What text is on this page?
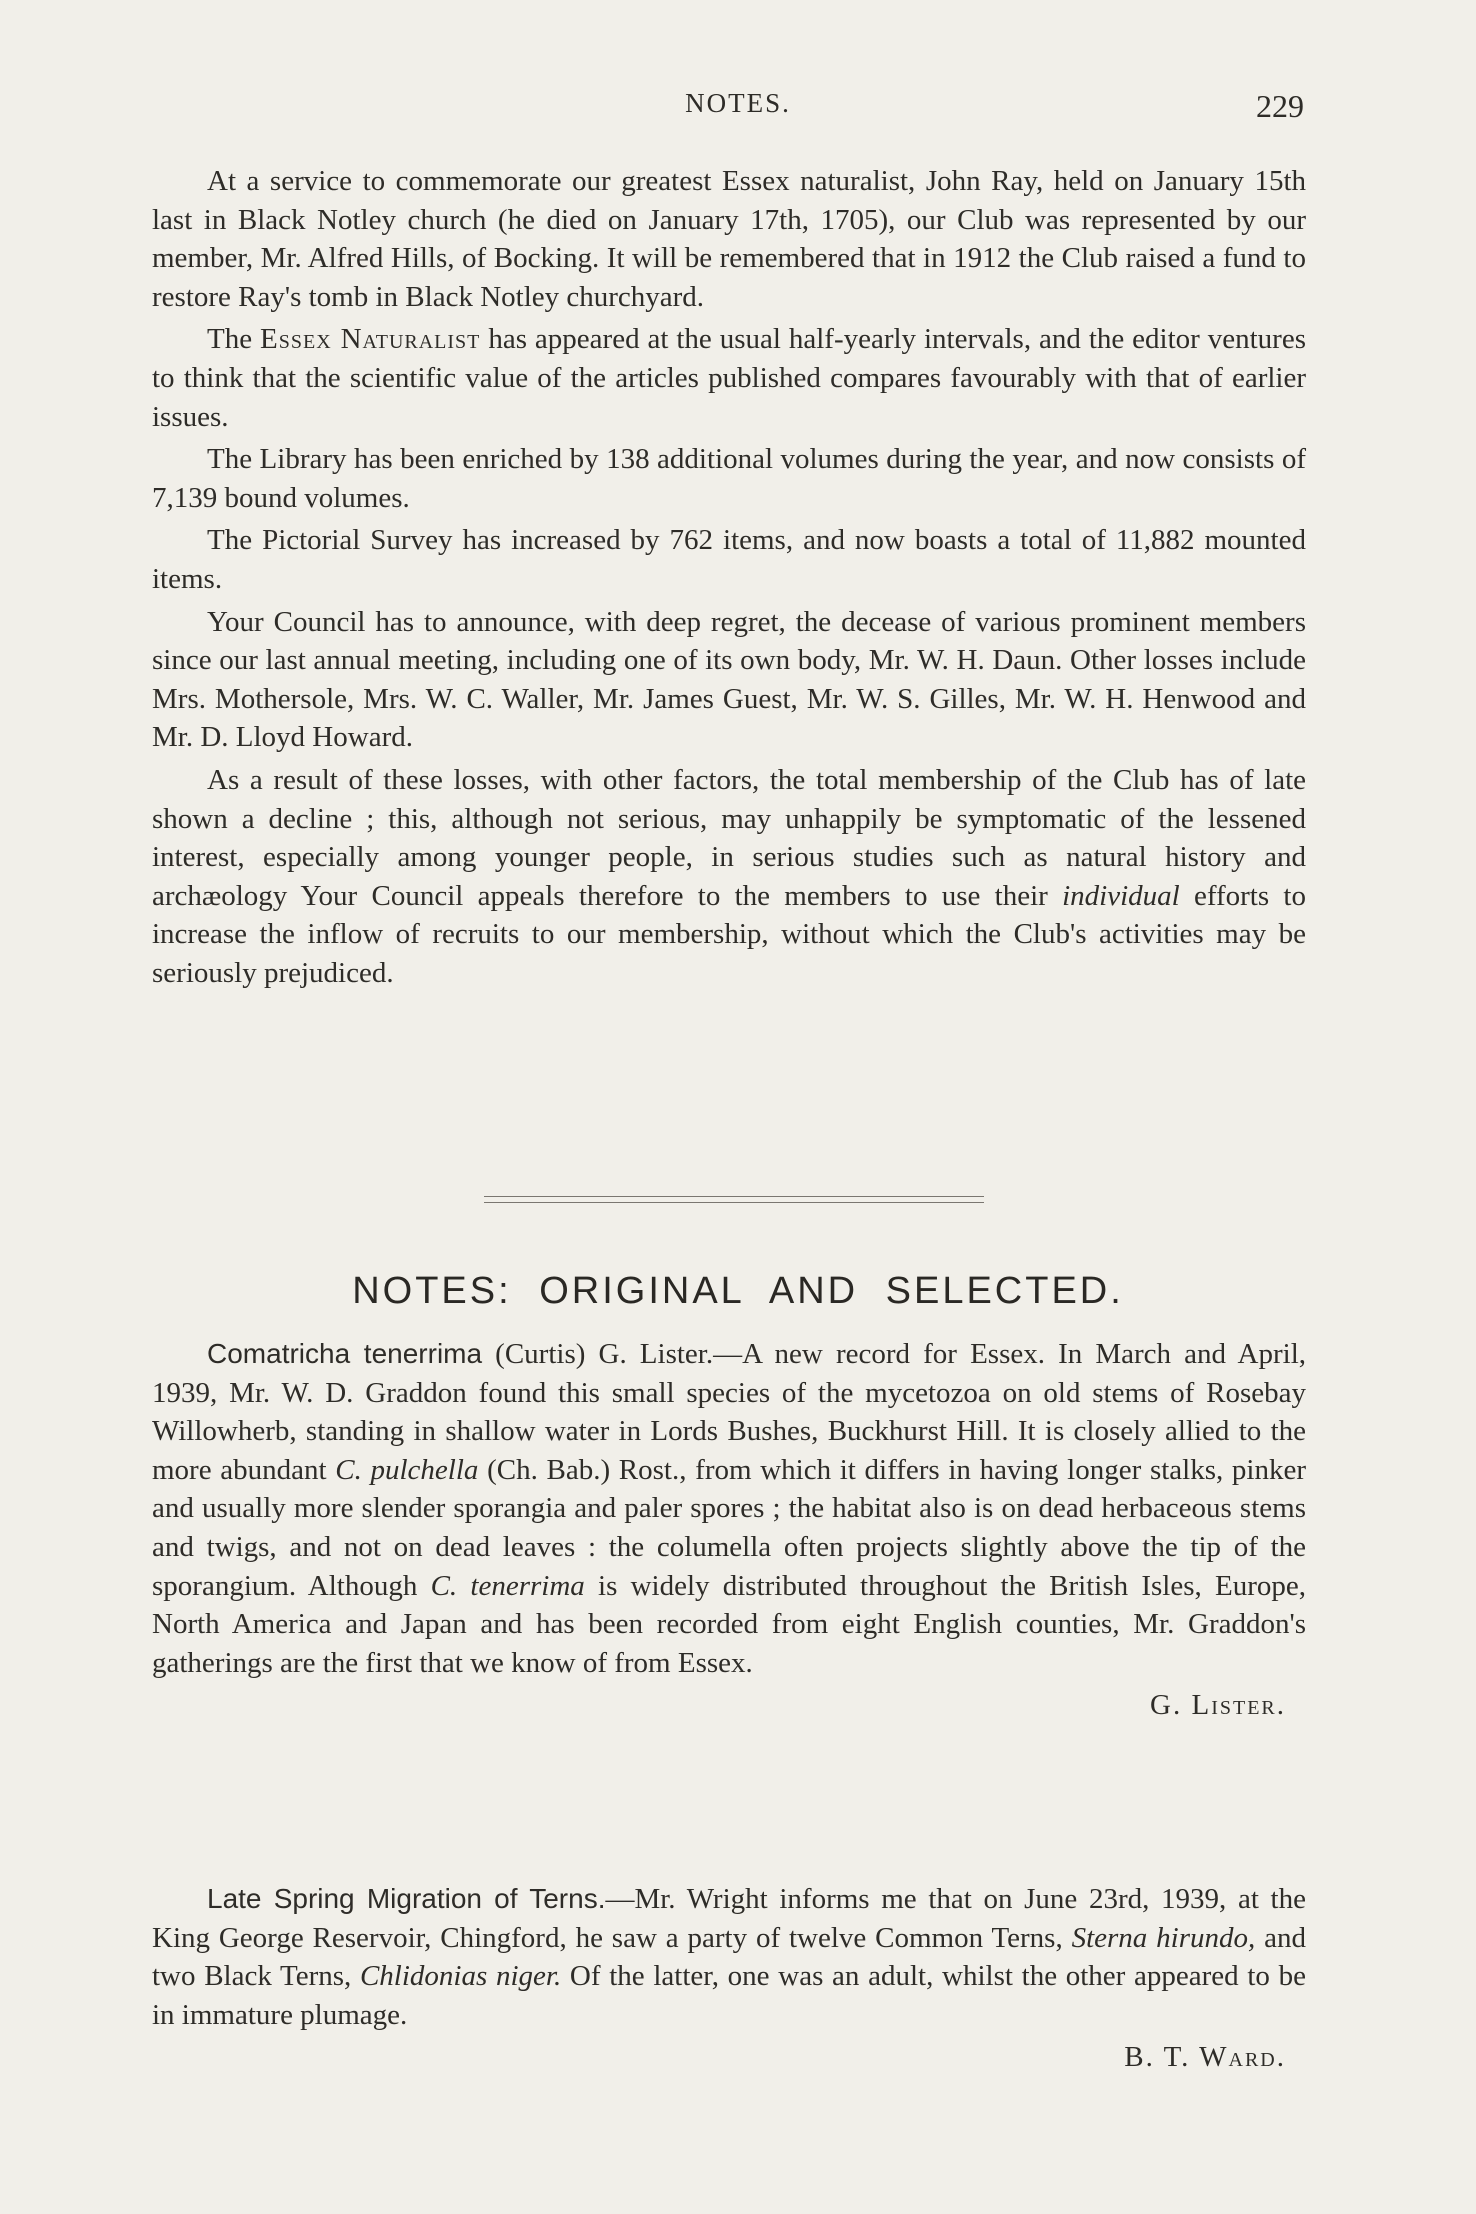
NOTES.	229

At a service to commemorate our greatest Essex naturalist, John Ray, held on January 15th last in Black Notley church (he died on January 17th, 1705), our Club was represented by our member, Mr. Alfred Hills, of Bocking. It will be remembered that in 1912 the Club raised a fund to restore Ray's tomb in Black Notley churchyard.

The Essex Naturalist has appeared at the usual half-yearly intervals, and the editor ventures to think that the scientific value of the articles published compares favourably with that of earlier issues.

The Library has been enriched by 138 additional volumes during the year, and now consists of 7,139 bound volumes.

The Pictorial Survey has increased by 762 items, and now boasts a total of 11,882 mounted items.

Your Council has to announce, with deep regret, the decease of various prominent members since our last annual meeting, including one of its own body, Mr. W. H. Daun. Other losses include Mrs. Mothersole, Mrs. W. C. Waller, Mr. James Guest, Mr. W. S. Gilles, Mr. W. H. Henwood and Mr. D. Lloyd Howard.

As a result of these losses, with other factors, the total membership of the Club has of late shown a decline ; this, although not serious, may unhappily be symptomatic of the lessened interest, especially among younger people, in serious studies such as natural history and archæology Your Council appeals therefore to the members to use their individual efforts to increase the inflow of recruits to our membership, without which the Club's activities may be seriously prejudiced.

NOTES: ORIGINAL AND SELECTED.

Comatricha tenerrima (Curtis) G. Lister.—A new record for Essex. In March and April, 1939, Mr. W. D. Graddon found this small species of the mycetozoa on old stems of Rosebay Willowherb, standing in shallow water in Lords Bushes, Buckhurst Hill. It is closely allied to the more abundant C. pulchella (Ch. Bab.) Rost., from which it differs in having longer stalks, pinker and usually more slender sporangia and paler spores ; the habitat also is on dead herbaceous stems and twigs, and not on dead leaves : the columella often projects slightly above the tip of the sporangium. Although C. tenerrima is widely distributed throughout the British Isles, Europe, North America and Japan and has been recorded from eight English counties, Mr. Graddon's gatherings are the first that we know of from Essex.

G. Lister.

Late Spring Migration of Terns.—Mr. Wright informs me that on June 23rd, 1939, at the King George Reservoir, Chingford, he saw a party of twelve Common Terns, Sterna hirundo, and two Black Terns, Chlidonias niger. Of the latter, one was an adult, whilst the other appeared to be in immature plumage.

B. T. Ward.
